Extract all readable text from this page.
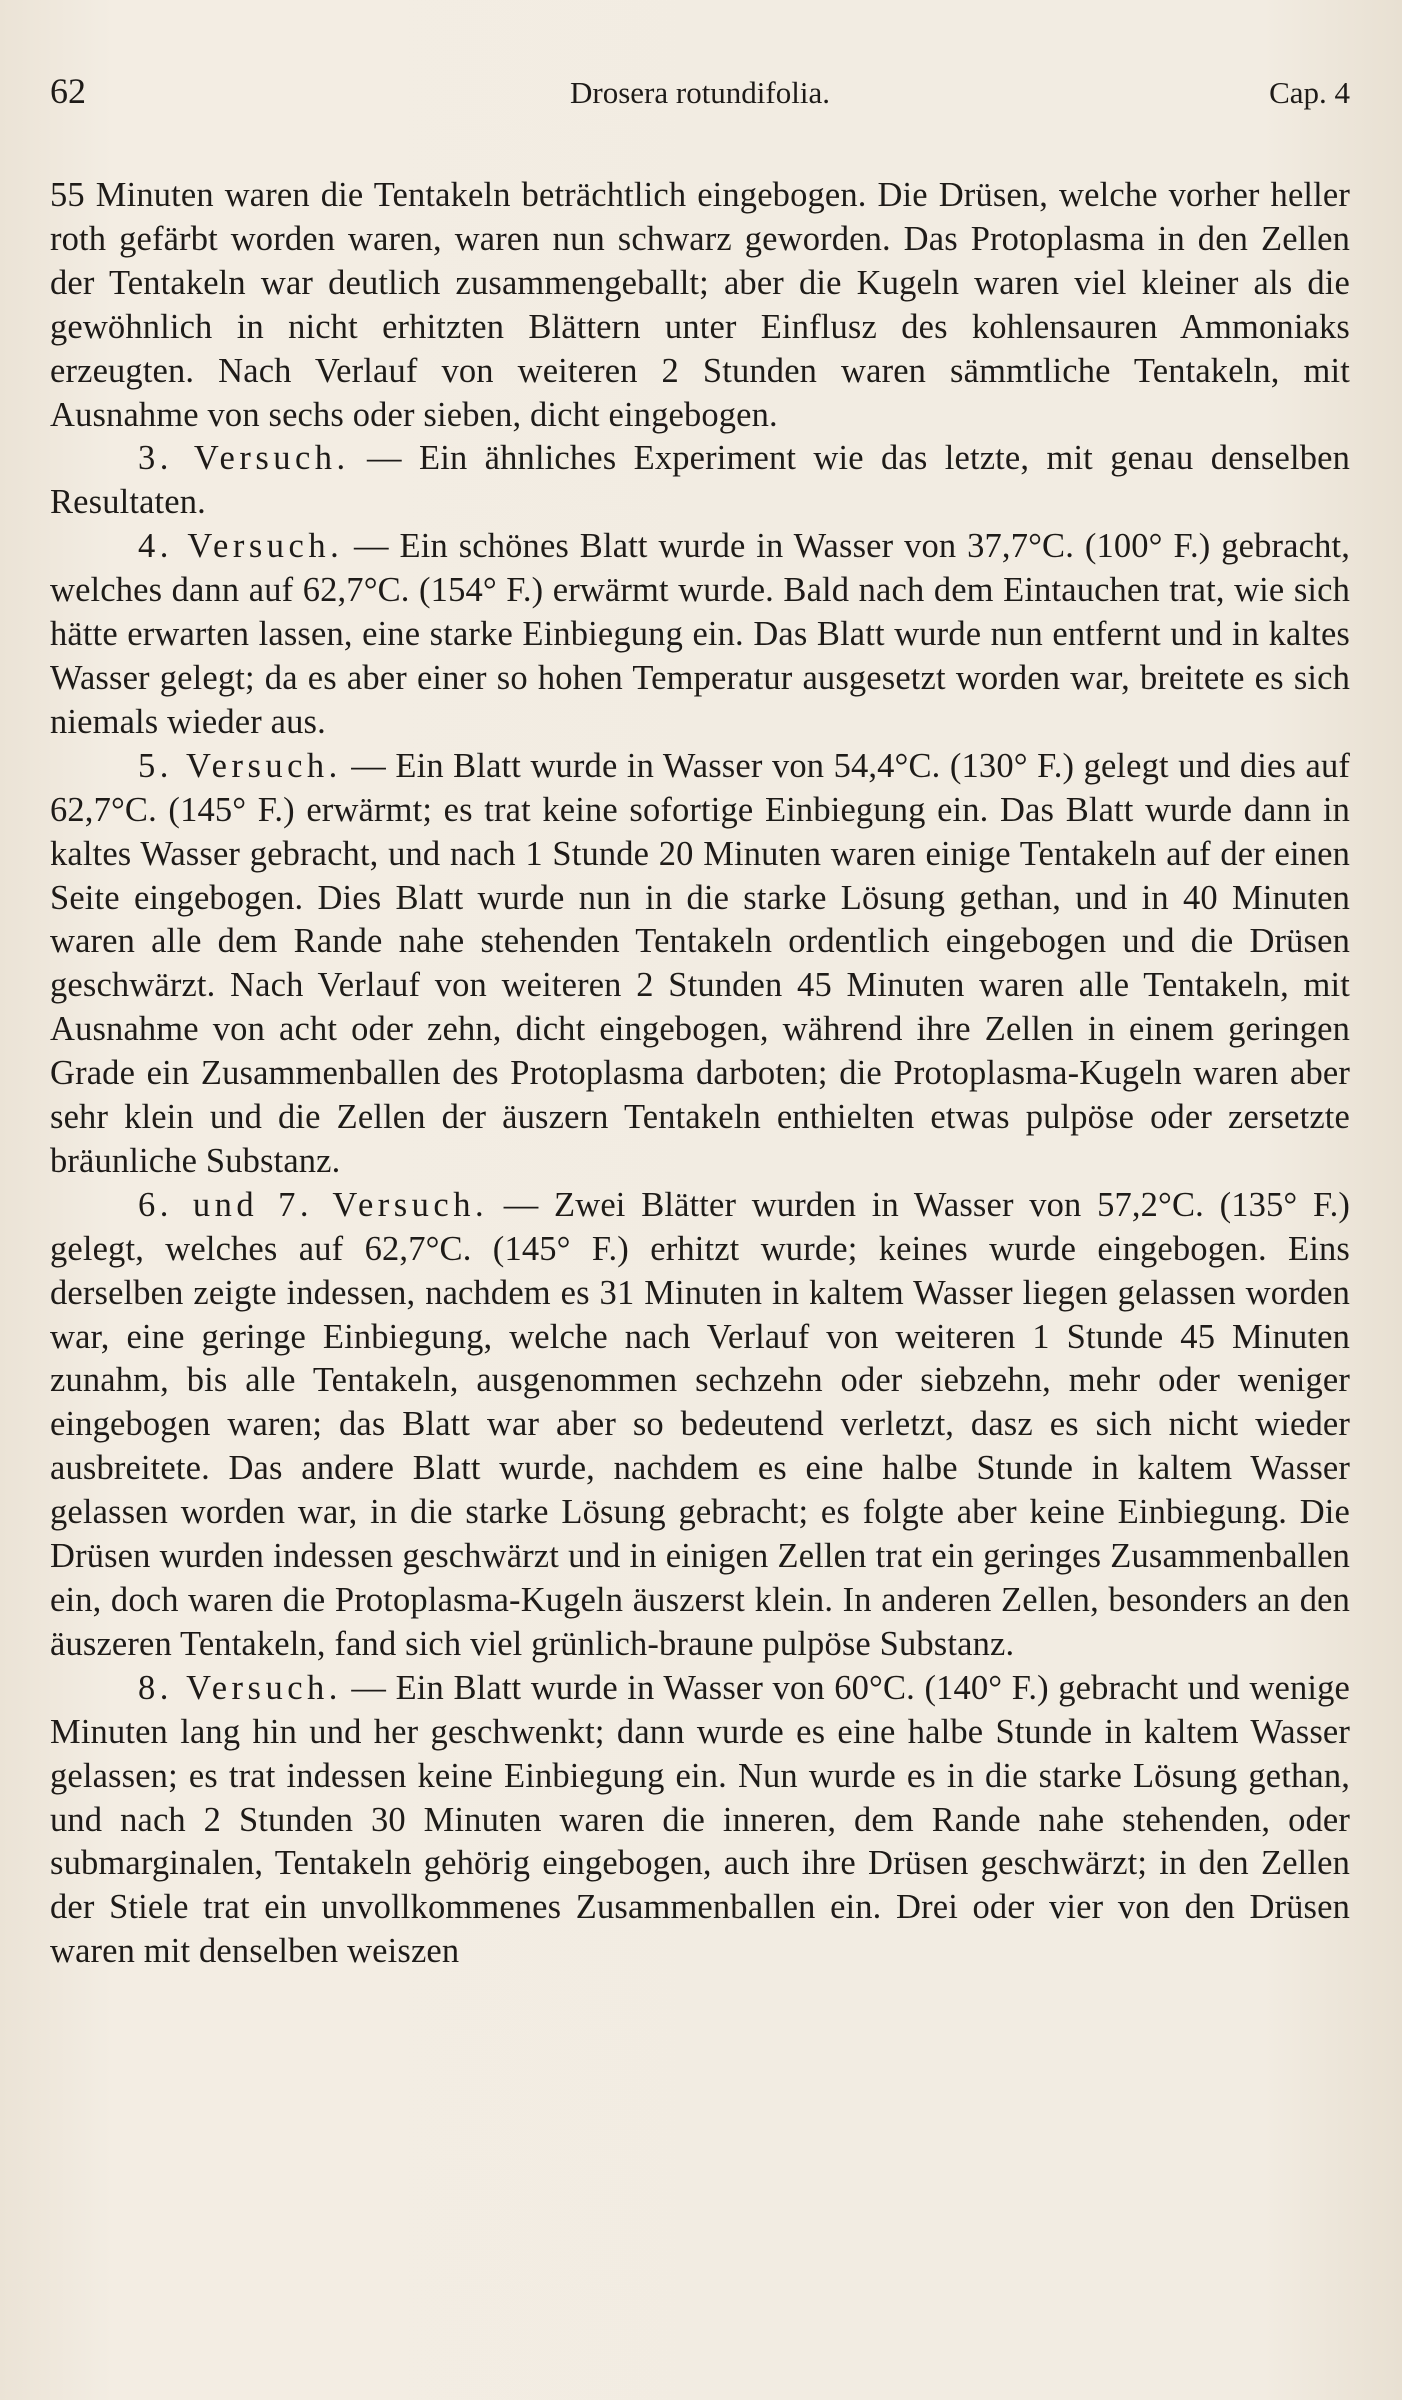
62	Drosera rotundifolia.	Cap. 4

55 Minuten waren die Tentakeln beträchtlich eingebogen. Die Drüsen, welche vorher heller roth gefärbt worden waren, waren nun schwarz geworden. Das Protoplasma in den Zellen der Tentakeln war deutlich zusammengeballt; aber die Kugeln waren viel kleiner als die gewöhnlich in nicht erhitzten Blättern unter Einflusz des kohlensauren Ammoniaks erzeugten. Nach Verlauf von weiteren 2 Stunden waren sämmtliche Tentakeln, mit Ausnahme von sechs oder sieben, dicht eingebogen.

3. Versuch. — Ein ähnliches Experiment wie das letzte, mit genau denselben Resultaten.

4. Versuch. — Ein schönes Blatt wurde in Wasser von 37,7°C. (100° F.) gebracht, welches dann auf 62,7°C. (154° F.) erwärmt wurde. Bald nach dem Eintauchen trat, wie sich hätte erwarten lassen, eine starke Einbiegung ein. Das Blatt wurde nun entfernt und in kaltes Wasser gelegt; da es aber einer so hohen Temperatur ausgesetzt worden war, breitete es sich niemals wieder aus.

5. Versuch. — Ein Blatt wurde in Wasser von 54,4°C. (130° F.) gelegt und dies auf 62,7°C. (145° F.) erwärmt; es trat keine sofortige Einbiegung ein. Das Blatt wurde dann in kaltes Wasser gebracht, und nach 1 Stunde 20 Minuten waren einige Tentakeln auf der einen Seite eingebogen. Dies Blatt wurde nun in die starke Lösung gethan, und in 40 Minuten waren alle dem Rande nahe stehenden Tentakeln ordentlich eingebogen und die Drüsen geschwärzt. Nach Verlauf von weiteren 2 Stunden 45 Minuten waren alle Tentakeln, mit Ausnahme von acht oder zehn, dicht eingebogen, während ihre Zellen in einem geringen Grade ein Zusammenballen des Protoplasma darboten; die Protoplasma-Kugeln waren aber sehr klein und die Zellen der äuszern Tentakeln enthielten etwas pulpöse oder zersetzte bräunliche Substanz.

6. und 7. Versuch. — Zwei Blätter wurden in Wasser von 57,2°C. (135° F.) gelegt, welches auf 62,7°C. (145° F.) erhitzt wurde; keines wurde eingebogen. Eins derselben zeigte indessen, nachdem es 31 Minuten in kaltem Wasser liegen gelassen worden war, eine geringe Einbiegung, welche nach Verlauf von weiteren 1 Stunde 45 Minuten zunahm, bis alle Tentakeln, ausgenommen sechzehn oder siebzehn, mehr oder weniger eingebogen waren; das Blatt war aber so bedeutend verletzt, dasz es sich nicht wieder ausbreitete. Das andere Blatt wurde, nachdem es eine halbe Stunde in kaltem Wasser gelassen worden war, in die starke Lösung gebracht; es folgte aber keine Einbiegung. Die Drüsen wurden indessen geschwärzt und in einigen Zellen trat ein geringes Zusammenballen ein, doch waren die Protoplasma-Kugeln äuszerst klein. In anderen Zellen, besonders an den äuszeren Tentakeln, fand sich viel grünlich-braune pulpöse Substanz.

8. Versuch. — Ein Blatt wurde in Wasser von 60°C. (140° F.) gebracht und wenige Minuten lang hin und her geschwenkt; dann wurde es eine halbe Stunde in kaltem Wasser gelassen; es trat indessen keine Einbiegung ein. Nun wurde es in die starke Lösung gethan, und nach 2 Stunden 30 Minuten waren die inneren, dem Rande nahe stehenden, oder submarginalen, Tentakeln gehörig eingebogen, auch ihre Drüsen geschwärzt; in den Zellen der Stiele trat ein unvollkommenes Zusammenballen ein. Drei oder vier von den Drüsen waren mit denselben weiszen
